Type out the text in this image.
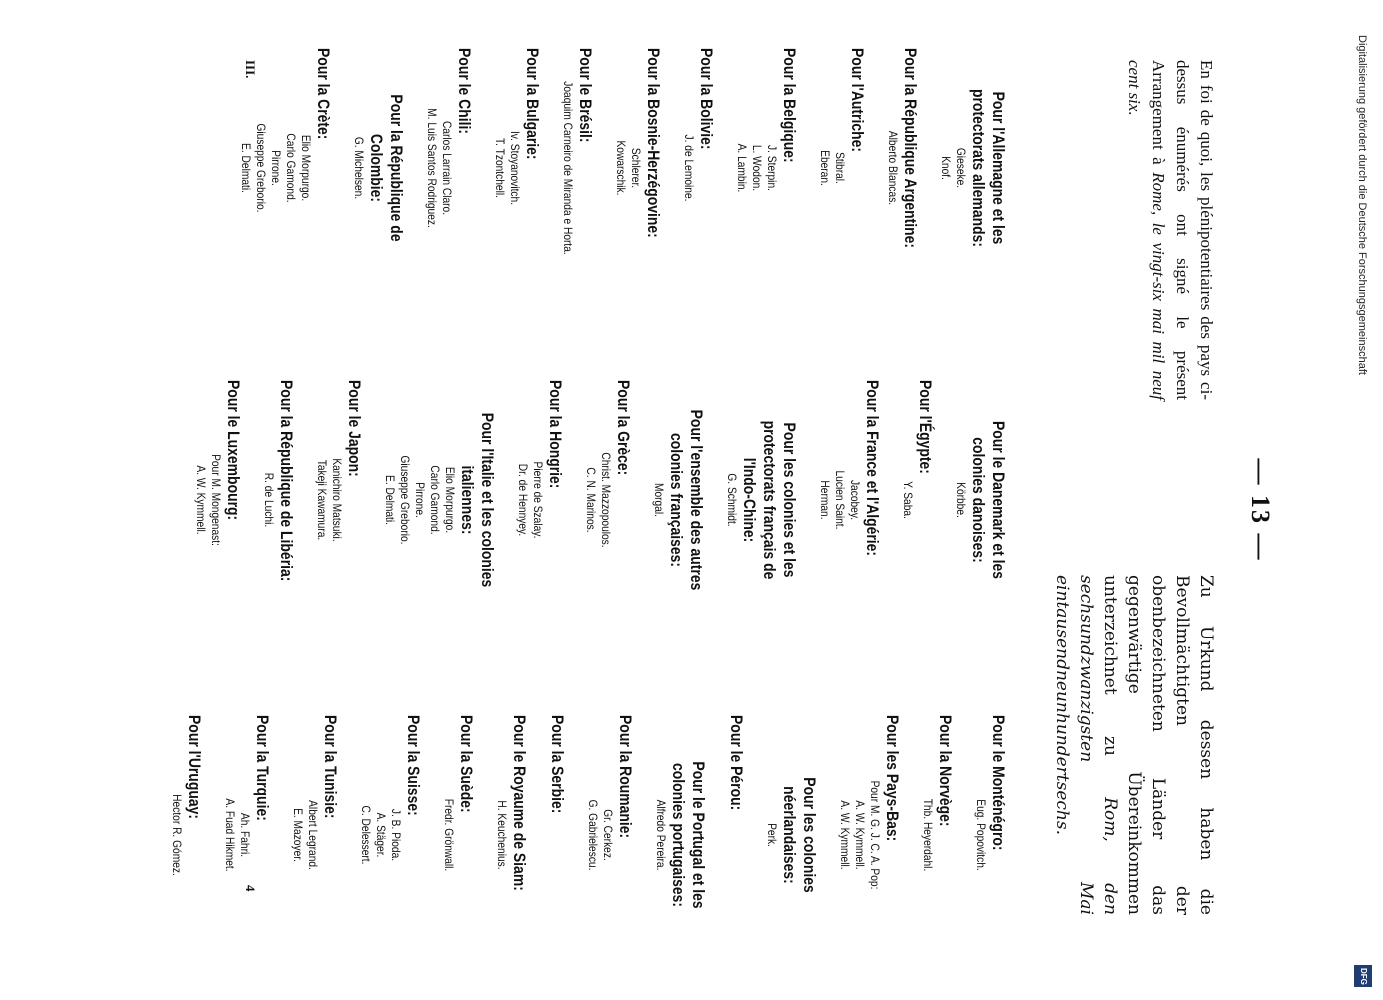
— 13 —
En foi de quoi, les plénipotentiaires des pays ci-dessus énumérés ont signé le présent Arrangement à Rome, le vingt-six mai mil neuf cent six.
Zu Urkund dessen haben die Bevollmächtigten der obenbezeichneten Länder das gegenwärtige Übereinkommen unterzeichnet zu Rom, den sechsundzwanzigsten Mai eintausendneunhundertsechs.
Pour l'Allemagne et les protectorats allemands:
Gieseke.
Knof.
Pour la République Argentine:
Alberto Blancas.
Pour l'Autriche:
Stibral.
Eberan.
Pour la Belgique:
J. Sterpin.
L. Wodon.
A. Lambin.
Pour la Bolivie:
J. de Lemoine.
Pour la Bosnie-Herzégovine:
Schlerer.
Kowarschik.
Pour le Brésil:
Joaquim Carneiro de Miranda e Horta.
Pour la Bulgarie:
Iv. Stoyanovitch.
T. Tzontchell.
Pour le Chili:
Carlos Larrain Claro.
M. Luis Santos Rodriguez.
Pour la République de Colombie:
G. Michelsen.
Pour la Crète:
Elio Morpurgo.
Carlo Gamond.
Pirrone.
Giuseppe Greborio.
E. Delmati.
Pour le Danemark et les colonies danoises:
Körbbe.
Pour l'Égypte:
Y. Saba.
Pour la France et l'Algérie:
Jacobey.
Lucien Saint.
Herman.
Pour les colonies et les protectorats français de l'Indo-Chine:
G. Schmidt.
Pour l'ensemble des autres colonies françaises:
Morgal.
Pour la Grèce:
Christ. Mazzopoulos.
C. N. Marinos.
Pour la Hongrie:
Pierre de Szalay.
Dr. de Hennyey.
Pour l'Italie et les colonies italiennes:
Elio Morpurgo.
Carlo Gamond.
Pirrone.
Giuseppe Greborio.
E. Delmati.
Pour le Japon:
Kanichiro Matsuki.
Takeji Kawamura.
Pour la République de Libéria:
R. de Luchi.
Pour le Luxembourg:
Pour M. Mongenast:
A. W. Kymmell.
Pour le Monténégro:
Eug. Popovitch.
Pour la Norvège:
Thb. Heyerdahl.
Pour les Pays-Bas:
Pour M. G. J. C. A. Pop:
A. W. Kymmell.
A. W. Kymmell.
Pour les colonies néerlandaises:
Perk.
Pour le Pérou:
Pour le Portugal et les colonies portugaises:
Alfredo Pereira.
Pour la Roumanie:
Gr. Cerkez.
G. Gabrielescu.
Pour la Serbie:
Pour le Royaume de Siam:
H. Keuchenius.
Pour la Suède:
Fredr. Grönwall.
Pour la Suisse:
J. B. Pioda.
A. Stäger.
C. Delessert.
Pour la Tunisie:
Albert Legrand.
E. Mazoyer.
Pour la Turquie:
Ah. Fahri.
A. Fuad Hikmet.
Pour l'Uruguay:
Hector R. Gómez.
III.
4
Digitalisierung gefördert durch die Deutsche Forschungsgemeinschaft
DFG
